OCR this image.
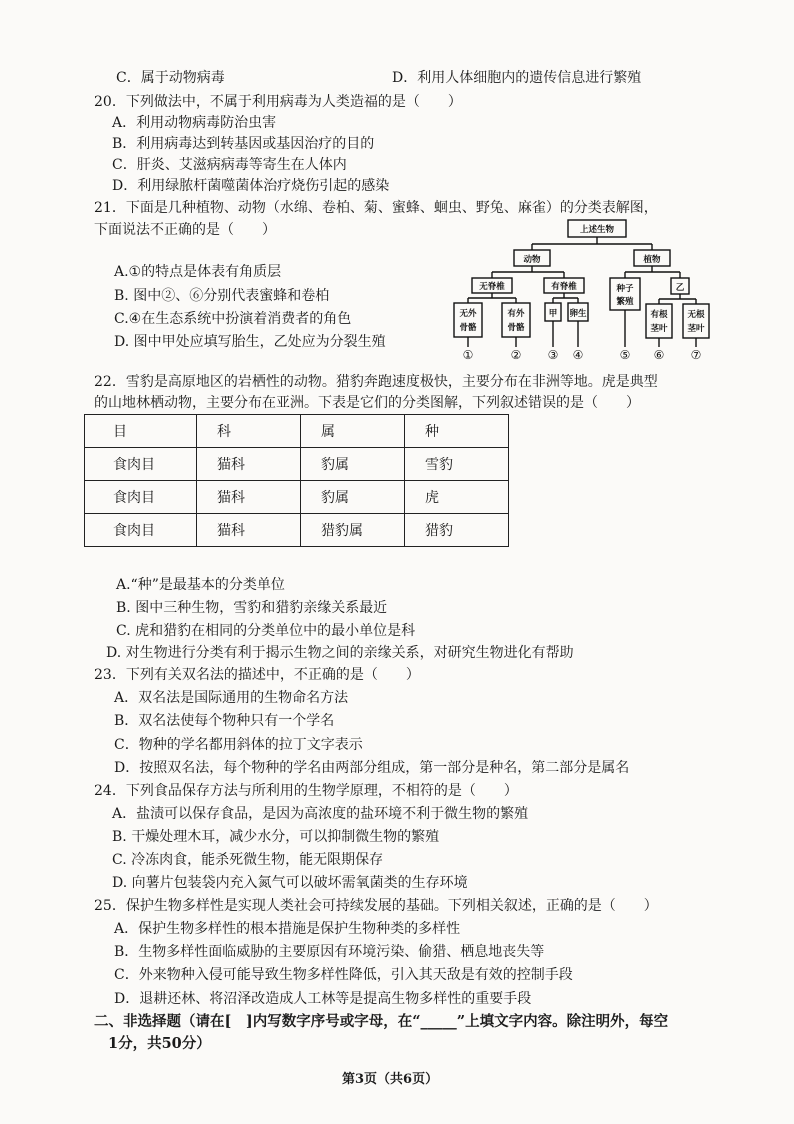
C．属于动物病毒	D．利用人体细胞内的遗传信息进行繁殖
20．下列做法中，不属于利用病毒为人类造福的是（　　）
A．利用动物病毒防治虫害
B．利用病毒达到转基因或基因治疗的目的
C．肝炎、艾滋病病毒等寄生在人体内
D．利用绿脓杆菌噬菌体治疗烧伤引起的感染
21．下面是几种植物、动物（水绵、卷柏、菊、蜜蜂、蛔虫、野兔、麻雀）的分类表解图，
下面说法不正确的是（　　）
A.①的特点是体表有角质层
B. 图中②、⑥分别代表蜜蜂和卷柏
C.④在生态系统中扮演着消费者的角色
D. 图中甲处应填写胎生，乙处应为分裂生殖
上述生物
动物	植物
无脊椎	有脊椎	种子
繁殖
乙
无外
骨骼
有外
骨骼
甲 卵生	有根
茎叶
无根
茎叶
①	② ③ ④	⑤ ⑥ ⑦
22．雪豹是高原地区的岩栖性的动物。猎豹奔跑速度极快，主要分布在非洲等地。虎是典型
的山地林栖动物，主要分布在亚洲。下表是它们的分类图解，下列叙述错误的是（　　）
目	科	属	种
食肉目	猫科	豹属	雪豹
食肉目	猫科	豹属	虎
食肉目	猫科	猎豹属	猎豹
A.“种”是最基本的分类单位
B. 图中三种生物，雪豹和猎豹亲缘关系最近
C. 虎和猎豹在相同的分类单位中的最小单位是科
D. 对生物进行分类有利于揭示生物之间的亲缘关系，对研究生物进化有帮助
23．下列有关双名法的描述中，不正确的是（　　）
A．双名法是国际通用的生物命名方法
B．双名法使每个物种只有一个学名
C．物种的学名都用斜体的拉丁文字表示
D．按照双名法，每个物种的学名由两部分组成，第一部分是种名，第二部分是属名
24．下列食品保存方法与所利用的生物学原理，不相符的是（　　）
A．盐渍可以保存食品，是因为高浓度的盐环境不利于微生物的繁殖
B. 干燥处理木耳，减少水分，可以抑制微生物的繁殖
C. 冷冻肉食，能杀死微生物，能无限期保存
D. 向薯片包装袋内充入氮气可以破坏需氧菌类的生存环境
25．保护生物多样性是实现人类社会可持续发展的基础。下列相关叙述，正确的是（　　）
A．保护生物多样性的根本措施是保护生物种类的多样性
B．生物多样性面临威胁的主要原因有环境污染、偷猎、栖息地丧失等
C．外来物种入侵可能导致生物多样性降低，引入其天敌是有效的控制手段
D．退耕还林、将沼泽改造成人工林等是提高生物多样性的重要手段
二、非选择题（请在[　]内写数字序号或字母，在“_____”上填文字内容。除注明外，每空
1分，共50分）
第3页（共6页）
